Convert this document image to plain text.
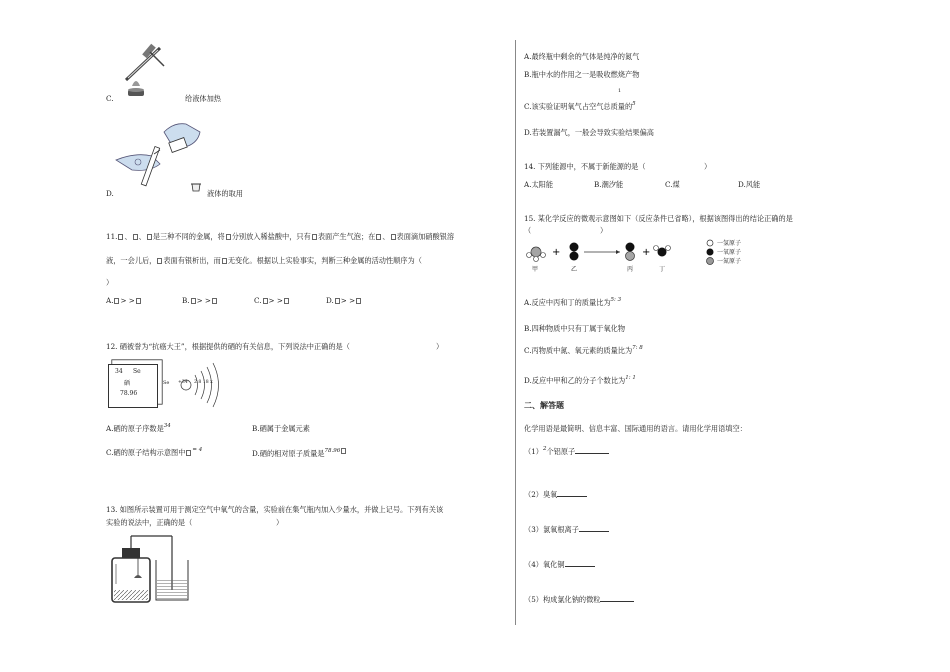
C.	给液体加热
D.	液体的取用
11. 、 、 是三种不同的金属，将 分别放入稀盐酸中，只有 表面产生气泡；在 、 表面滴加硝酸银溶
液，一会儿后， 表面有银析出，而 无变化。根据以上实验事实，判断三种金属的活动性顺序为（
）
A. > >	B. > >	C. > >	D. > >
12. 硒被誉为“抗癌大王”，根据提供的硒的有关信息，下列说法中正确的是（	）
34 Se
硒
78.96
Se +34 2 8 18 x
A.硒的原子序数是$^{34}$	B.硒属于金属元素
C.硒的原子结构示意图中 $^{= 4}$	D.硒的相对原子质量是$^{78.96}$
13. 如图所示装置可用于测定空气中氧气的含量，实验前在集气瓶内加入少量水，并做上记号。下列有关该
实验的说法中，正确的是（	）
A.最终瓶中剩余的气体是纯净的氮气
B.瓶中水的作用之一是吸收燃烧产物
C.该实验证明氧气占空气总质量的$^5$
1
D.若装置漏气，一般会导致实验结果偏高
14. 下列能源中，不属于新能源的是（	）
A.太阳能	B.潮汐能	C.煤	D.风能
15. 某化学反应的微观示意图如下（反应条件已省略），根据该图得出的结论正确的是
（	）
+	+
甲	乙	丙	丁
一氢原子
一氧原子
一氮原子
A.反应中丙和丁的质量比为$^{5: 3}$
B.四种物质中只有丁属于氧化物
C.丙物质中氮、氧元素的质量比为$^{7: 8}$
D.反应中甲和乙的分子个数比为$^{1: 1}$
二、解答题
化学用语是最简明、信息丰富、国际通用的语言。请用化学用语填空：
$(1)^2$个铝原子
（2）臭氧
（3）氯氧根离子
（4）氧化铜
（5）构成氯化钠的微粒
